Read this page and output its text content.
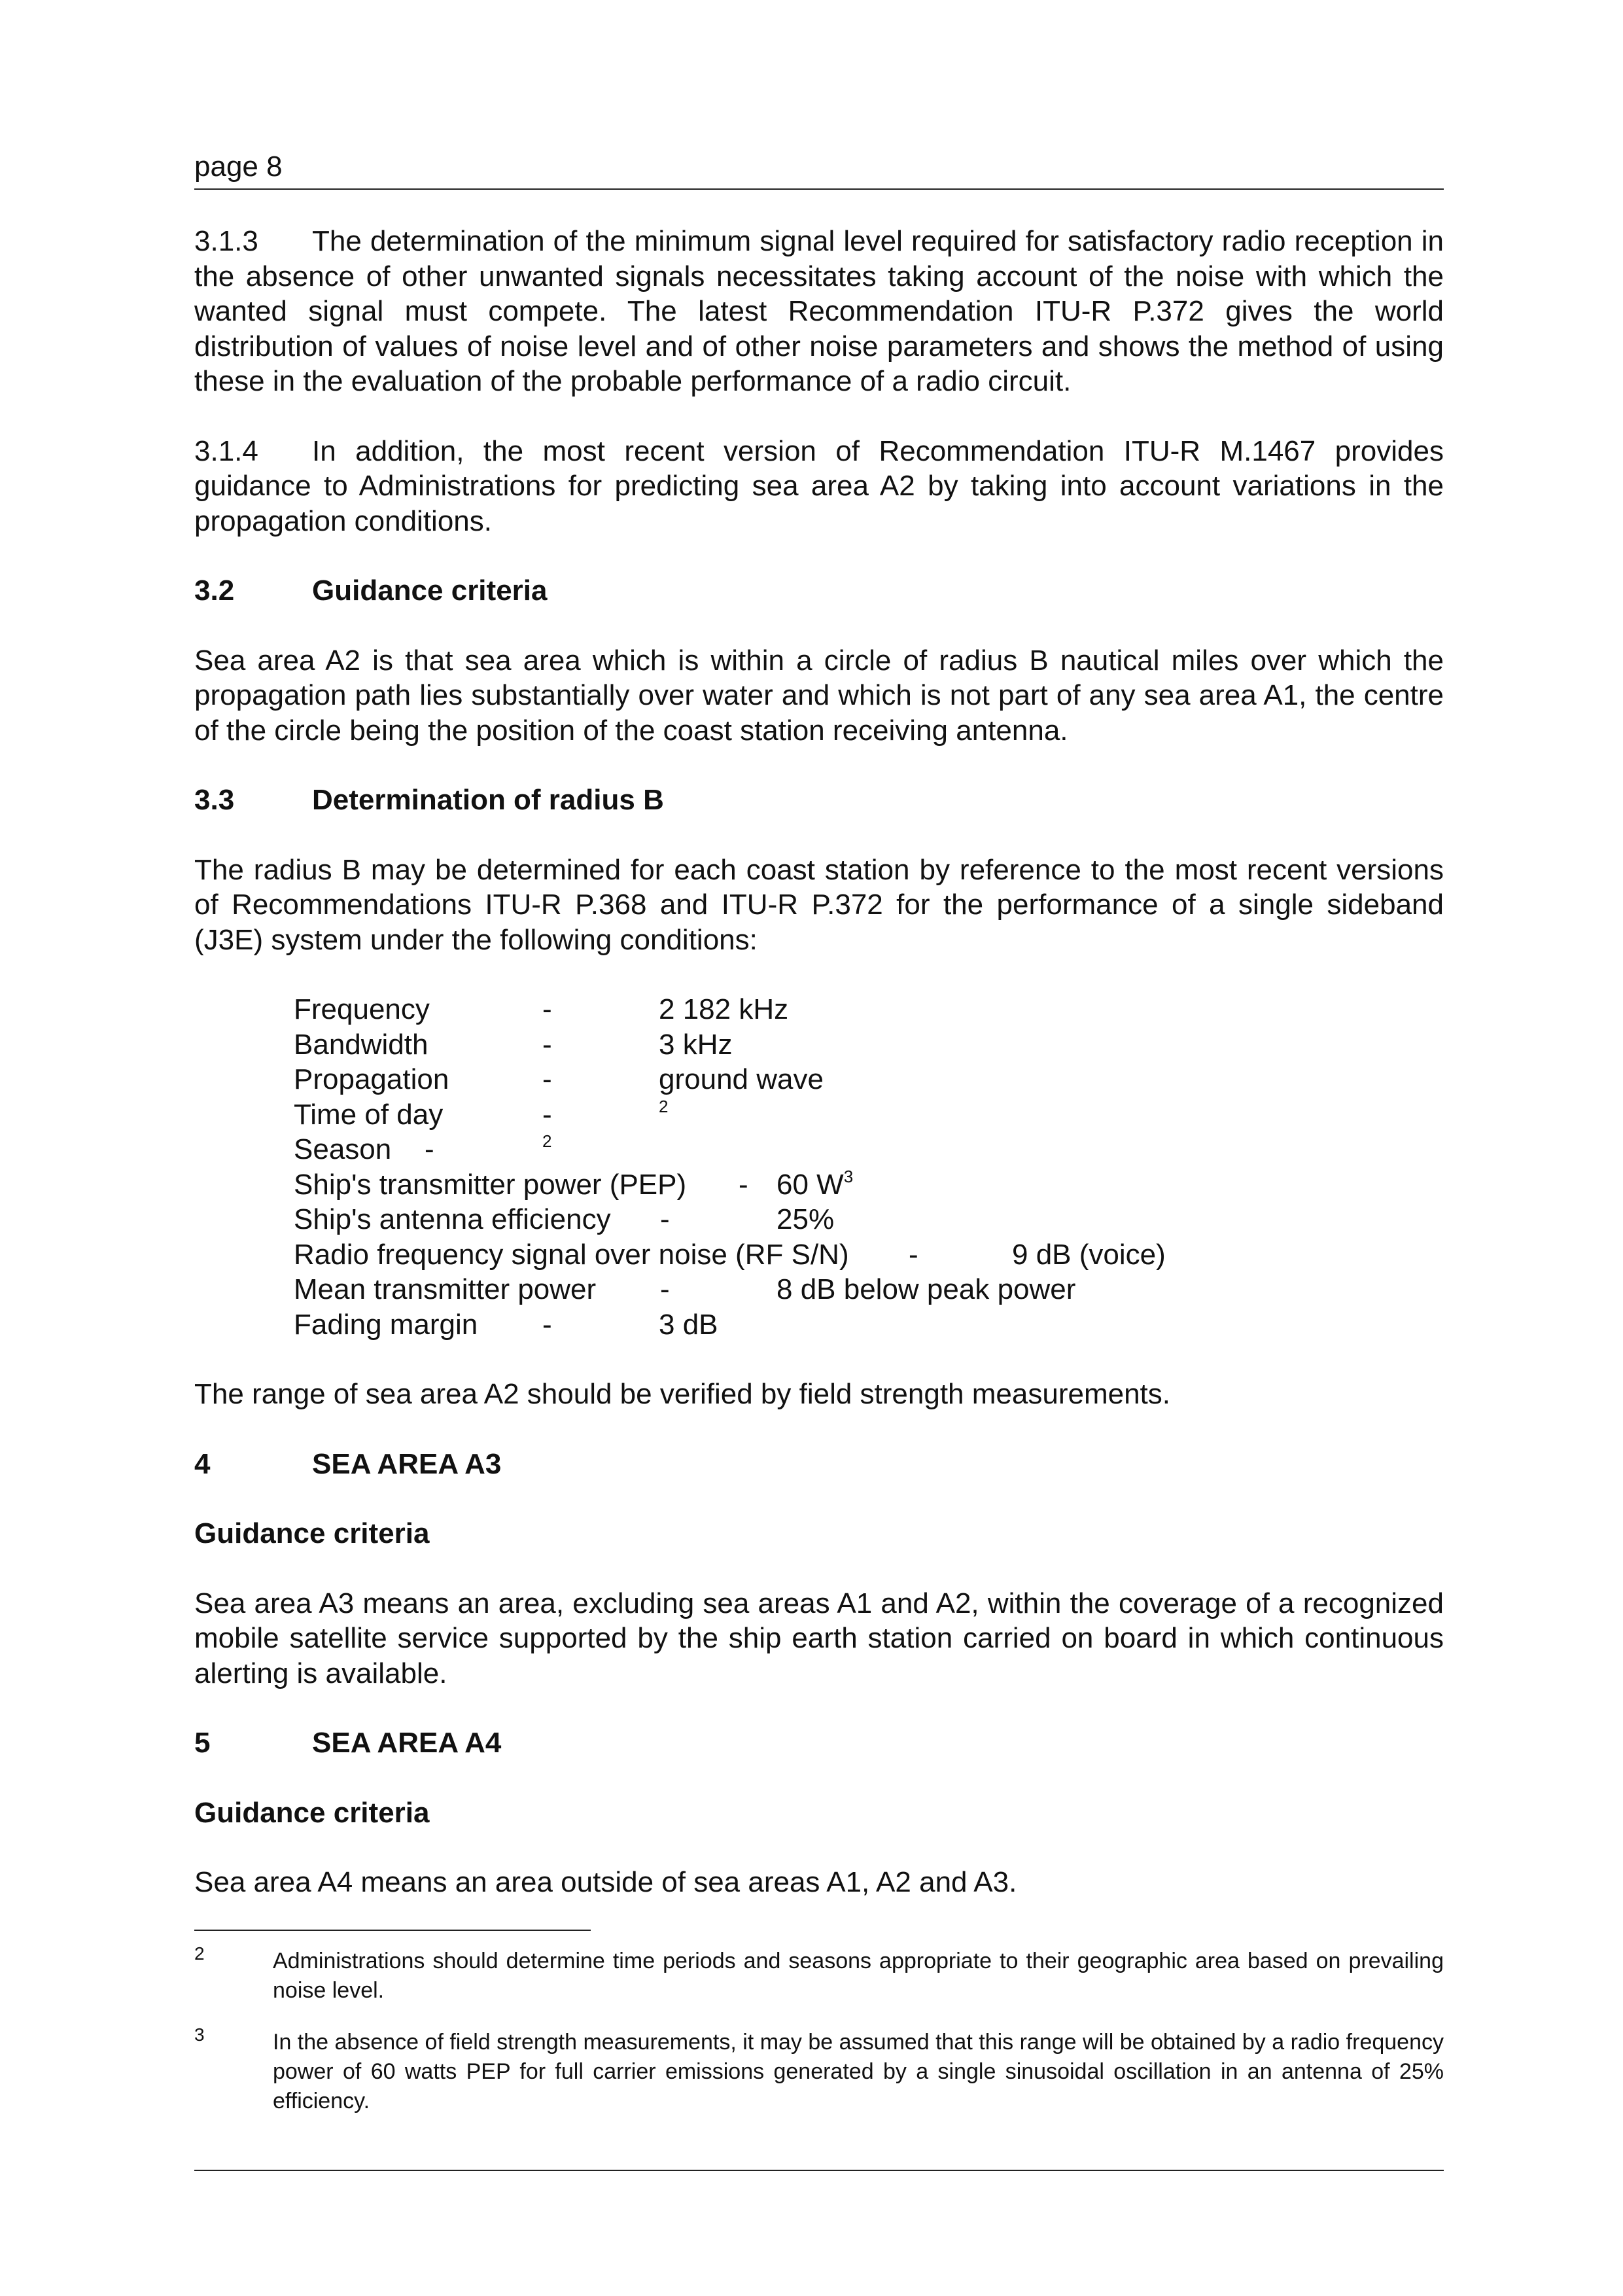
page 8

3.1.3 The determination of the minimum signal level required for satisfactory radio reception in the absence of other unwanted signals necessitates taking account of the noise with which the wanted signal must compete. The latest Recommendation ITU-R P.372 gives the world distribution of values of noise level and of other noise parameters and shows the method of using these in the evaluation of the probable performance of a radio circuit.

3.1.4 In addition, the most recent version of Recommendation ITU-R M.1467 provides guidance to Administrations for predicting sea area A2 by taking into account variations in the propagation conditions.

3.2	Guidance criteria

Sea area A2 is that sea area which is within a circle of radius B nautical miles over which the propagation path lies substantially over water and which is not part of any sea area A1, the centre of the circle being the position of the coast station receiving antenna.

3.3	Determination of radius B

The radius B may be determined for each coast station by reference to the most recent versions of Recommendations ITU-R P.368 and ITU-R P.372 for the performance of a single sideband (J3E) system under the following conditions:

Frequency	-	2 182 kHz
Bandwidth	-	3 kHz
Propagation	-	ground wave
Time of day	-	$^2$
Season -	$^2$
Ship's transmitter power (PEP) - 60 $W^3$
Ship's antenna efficiency -	25%
Radio frequency signal over noise (RF S/N) -	9 dB (voice)
Mean transmitter power -	8 dB below peak power
Fading margin -	3 dB

The range of sea area A2 should be verified by field strength measurements.

4	SEA AREA A3

Guidance criteria

Sea area A3 means an area, excluding sea areas A1 and A2, within the coverage of a recognized mobile satellite service supported by the ship earth station carried on board in which continuous alerting is available.

5	SEA AREA A4

Guidance criteria

Sea area A4 means an area outside of sea areas A1, A2 and A3.

2	Administrations should determine time periods and seasons appropriate to their geographic area based on prevailing noise level.
3	In the absence of field strength measurements, it may be assumed that this range will be obtained by a radio frequency power of 60 watts PEP for full carrier emissions generated by a single sinusoidal oscillation in an antenna of 25% efficiency.
